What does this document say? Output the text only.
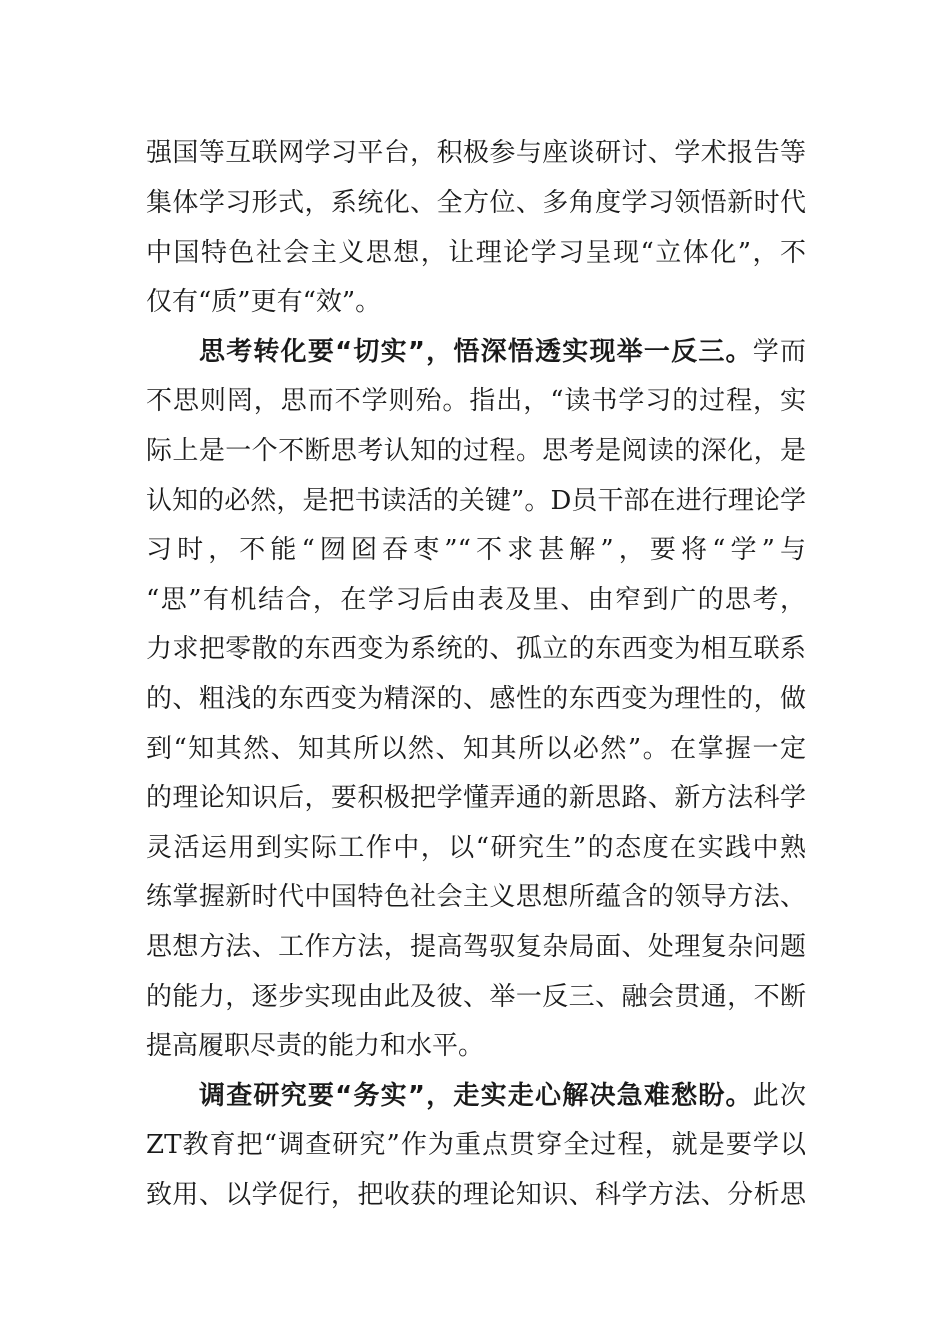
强国等互联网学习平台，积极参与座谈研讨、学术报告等
集体学习形式，系统化、全方位、多角度学习领悟新时代
中国特色社会主义思想，让理论学习呈现“立体化”，不
仅有“质”更有“效”。
思考转化要“切实”，悟深悟透实现举一反三。学而
不思则罔，思而不学则殆。指出，“读书学习的过程，实
际上是一个不断思考认知的过程。思考是阅读的深化，是
认知的必然，是把书读活的关键”。D员干部在进行理论学
习时，不能“囫囵吞枣”“不求甚解”，要将“学”与
“思”有机结合，在学习后由表及里、由窄到广的思考，
力求把零散的东西变为系统的、孤立的东西变为相互联系
的、粗浅的东西变为精深的、感性的东西变为理性的，做
到“知其然、知其所以然、知其所以必然”。在掌握一定
的理论知识后，要积极把学懂弄通的新思路、新方法科学
灵活运用到实际工作中，以“研究生”的态度在实践中熟
练掌握新时代中国特色社会主义思想所蕴含的领导方法、
思想方法、工作方法，提高驾驭复杂局面、处理复杂问题
的能力，逐步实现由此及彼、举一反三、融会贯通，不断
提高履职尽责的能力和水平。
调查研究要“务实”，走实走心解决急难愁盼。此次
ZT教育把“调查研究”作为重点贯穿全过程，就是要学以
致用、以学促行，把收获的理论知识、科学方法、分析思
